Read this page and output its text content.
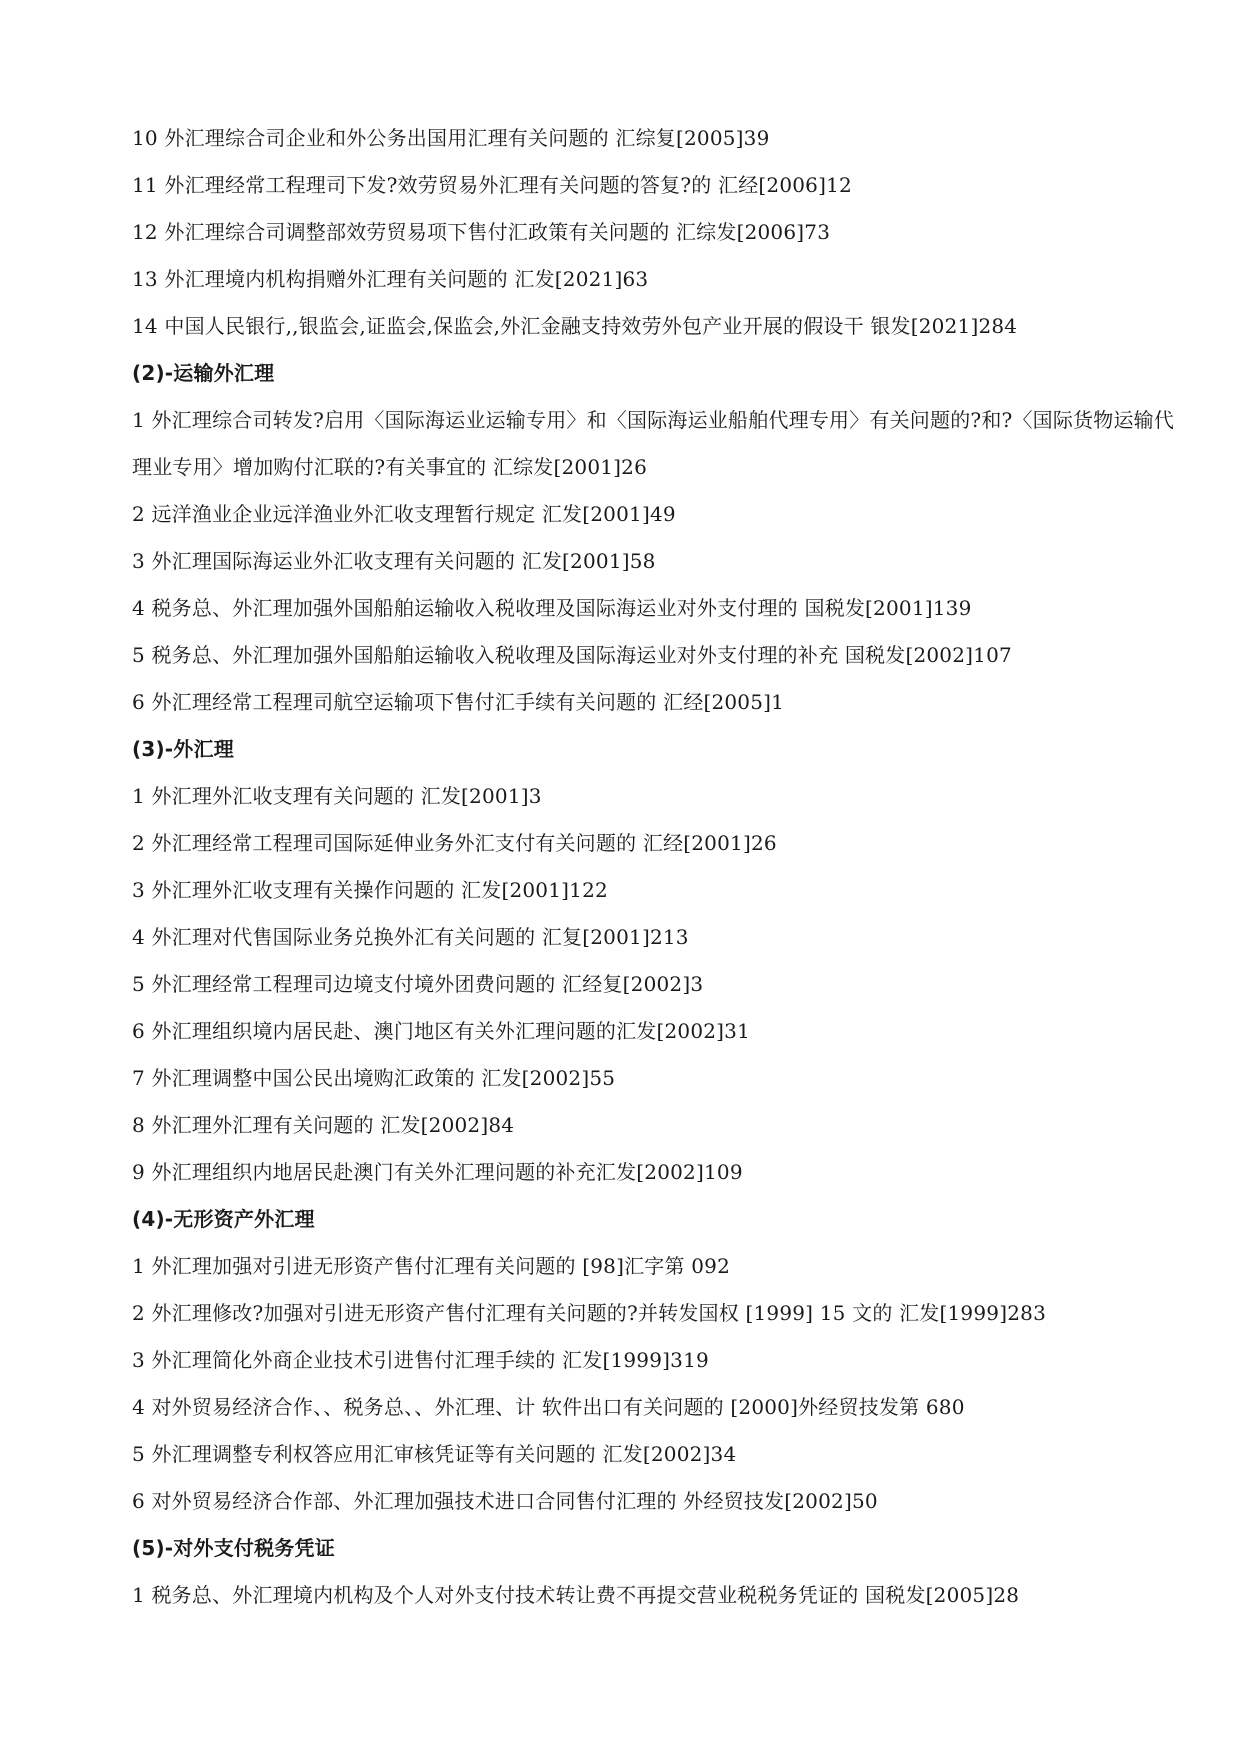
10 外汇理综合司企业和外公务出国用汇理有关问题的 汇综复[2005]39

11 外汇理经常工程理司下发?效劳贸易外汇理有关问题的答复?的 汇经[2006]12

12 外汇理综合司调整部效劳贸易项下售付汇政策有关问题的 汇综发[2006]73

13 外汇理境内机构捐赠外汇理有关问题的 汇发[2021]63

14 中国人民银行,,银监会,证监会,保监会,外汇金融支持效劳外包产业开展的假设干 银发[2021]284

(2)-运输外汇理

1 外汇理综合司转发?启用〈国际海运业运输专用〉和〈国际海运业船舶代理专用〉有关问题的?和?〈国际货物运输代理业专用〉增加购付汇联的?有关事宜的 汇综发[2001]26

2 远洋渔业企业远洋渔业外汇收支理暂行规定 汇发[2001]49

3 外汇理国际海运业外汇收支理有关问题的 汇发[2001]58

4 税务总、外汇理加强外国船舶运输收入税收理及国际海运业对外支付理的 国税发[2001]139

5 税务总、外汇理加强外国船舶运输收入税收理及国际海运业对外支付理的补充 国税发[2002]107

6 外汇理经常工程理司航空运输项下售付汇手续有关问题的 汇经[2005]1

(3)-外汇理

1 外汇理外汇收支理有关问题的 汇发[2001]3

2 外汇理经常工程理司国际延伸业务外汇支付有关问题的 汇经[2001]26

3 外汇理外汇收支理有关操作问题的 汇发[2001]122

4 外汇理对代售国际业务兑换外汇有关问题的 汇复[2001]213

5 外汇理经常工程理司边境支付境外团费问题的 汇经复[2002]3

6 外汇理组织境内居民赴、澳门地区有关外汇理问题的汇发[2002]31

7 外汇理调整中国公民出境购汇政策的 汇发[2002]55

8 外汇理外汇理有关问题的 汇发[2002]84

9 外汇理组织内地居民赴澳门有关外汇理问题的补充汇发[2002]109

(4)-无形资产外汇理

1 外汇理加强对引进无形资产售付汇理有关问题的 [98]汇字第 092

2 外汇理修改?加强对引进无形资产售付汇理有关问题的?并转发国权 [1999] 15 文的 汇发[1999]283

3 外汇理简化外商企业技术引进售付汇理手续的 汇发[1999]319

4 对外贸易经济合作、、税务总、、外汇理、计 软件出口有关问题的 [2000]外经贸技发第 680

5 外汇理调整专利权答应用汇审核凭证等有关问题的 汇发[2002]34

6 对外贸易经济合作部、外汇理加强技术进口合同售付汇理的 外经贸技发[2002]50

(5)-对外支付税务凭证

1 税务总、外汇理境内机构及个人对外支付技术转让费不再提交营业税税务凭证的 国税发[2005]28
